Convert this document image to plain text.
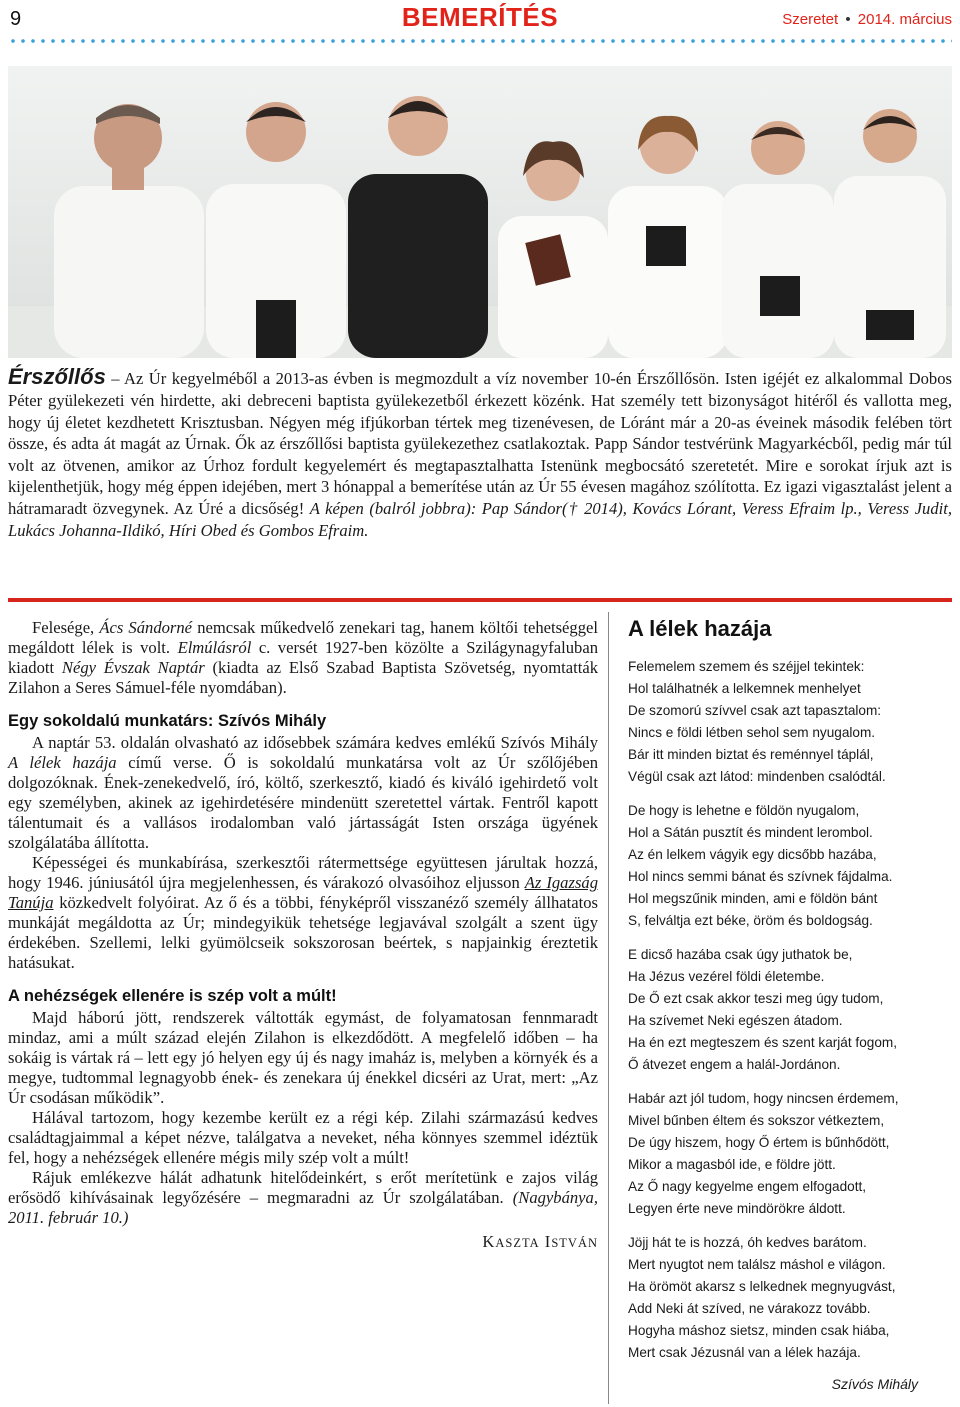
9	BEMERÍTÉS	Szeretet • 2014. március
Érszőllős – Az Úr kegyelméből a 2013-as évben is megmozdult a víz november 10-én Érszőllősön. Isten igéjét ez alkalommal Dobos Péter gyülekezeti vén hirdette, aki debreceni baptista gyülekezetből érkezett közénk. Hat személy tett bizonyságot hitéről és vallotta meg, hogy új életet kezdhetett Krisztusban. Négyen még ifjúkorban tértek meg tizenévesen, de Lóránt már a 20-as éveinek második felében tört össze, és adta át magát az Úrnak. Ők az érszőllősi baptista gyülekezethez csatlakoztak. Papp Sándor testvérünk Magyarkécből, pedig már túl volt az ötvenen, amikor az Úrhoz fordult kegyelemért és megtapasztalhatta Istenünk megbocsátó szeretetét. Mire e sorokat írjuk azt is kijelenthetjük, hogy még éppen idejében, mert 3 hónappal a bemerítése után az Úr 55 évesen magához szólította. Ez igazi vigasztalást jelent a hátramaradt özvegynek. Az Úré a dicsőség! A képen (balról jobbra): Pap Sándor(† 2014), Kovács Lórant, Veress Efraim lp., Veress Judit, Lukács Johanna-Ildikó, Híri Obed és Gombos Efraim.

Felesége, Ács Sándorné nemcsak műkedvelő zenekari tag, hanem költői tehetséggel megáldott lélek is volt. Elmúlásról c. versét 1927-ben közölte a Szilágynagyfaluban kiadott Négy Évszak Naptár (kiadta az Első Szabad Baptista Szövetség, nyomtatták Zilahon a Seres Sámuel-féle nyomdában).

Egy sokoldalú munkatárs: Szívós Mihály

A naptár 53. oldalán olvasható az idősebbek számára kedves emlékű Szívós Mihály A lélek hazája című verse. Ő is sokoldalú munkatársa volt az Úr szőlőjében dolgozóknak. Ének-zenekedvelő, író, költő, szerkesztő, kiadó és kiváló igehirdető volt egy személyben, akinek az igehirdetésére mindenütt szeretettel vártak. Fentről kapott tálentumait és a vallásos irodalomban való jártasságát Isten országa ügyének szolgálatába állította.

Képességei és munkabírása, szerkesztői rátermettsége együttesen járultak hozzá, hogy 1946. júniusától újra megjelenhessen, és várakozó olvasóihoz eljusson Az Igazság Tanúja közkedvelt folyóirat. Az ő és a többi, fényképről visszanéző személy állhatatos munkáját megáldotta az Úr; mindegyikük tehetsége legjavával szolgált a szent ügy érdekében. Szellemi, lelki gyümölcseik sokszorosan beértek, s napjainkig éreztetik hatásukat.

A nehézségek ellenére is szép volt a múlt!

Majd háború jött, rendszerek váltották egymást, de folyamatosan fennmaradt mindaz, ami a múlt század elején Zilahon is elkezdődött. A megfelelő időben – ha sokáig is vártak rá – lett egy jó helyen egy új és nagy imaház is, melyben a környék és a megye, tudtommal legnagyobb ének- és zenekara új énekkel dicséri az Urat, mert: „Az Úr csodásan működik”.

Hálával tartozom, hogy kezembe került ez a régi kép. Zilahi származású kedves családtagjaimmal a képet nézve, találgatva a neveket, néha könnyes szemmel idéztük fel, hogy a nehézségek ellenére mégis mily szép volt a múlt!

Rájuk emlékezve hálát adhatunk hitelődeinkért, s erőt merítetünk e zajos világ erősödő kihívásainak legyőzésére – megmaradni az Úr szolgálatában. (Nagybánya, 2011. február 10.)

KASZTA ISTVÁN
A lélek hazája
Felemelem szemem és széjjel tekintek:
Hol találhatnék a lelkemnek menhelyet
De szomorú szívvel csak azt tapasztalom:
Nincs e földi létben sehol sem nyugalom.
Bár itt minden biztat és reménnyel táplál,
Végül csak azt látod: mindenben csalódtál.
De hogy is lehetne e földön nyugalom,
Hol a Sátán pusztít és mindent lerombol.
Az én lelkem vágyik egy dicsőbb hazába,
Hol nincs semmi bánat és szívnek fájdalma.
Hol megszűnik minden, ami e földön bánt
S, felváltja ezt béke, öröm és boldogság.
E dicső hazába csak úgy juthatok be,
Ha Jézus vezérel földi életembe.
De Ő ezt csak akkor teszi meg úgy tudom,
Ha szívemet Neki egészen átadom.
Ha én ezt megteszem és szent karját fogom,
Ő átvezet engem a halál-Jordánon.
Habár azt jól tudom, hogy nincsen érdemem,
Mivel bűnben éltem és sokszor vétkeztem,
De úgy hiszem, hogy Ő értem is bűnhődött,
Mikor a magasból ide, e földre jött.
Az Ő nagy kegyelme engem elfogadott,
Legyen érte neve mindörökre áldott.
Jöjj hát te is hozzá, óh kedves barátom.
Mert nyugtot nem találsz máshol e világon.
Ha örömöt akarsz s lelkednek megnyugvást,
Add Neki át szíved, ne várakozz tovább.
Hogyha máshoz sietsz, minden csak hiába,
Mert csak Jézusnál van a lélek hazája.
Szívós Mihály
